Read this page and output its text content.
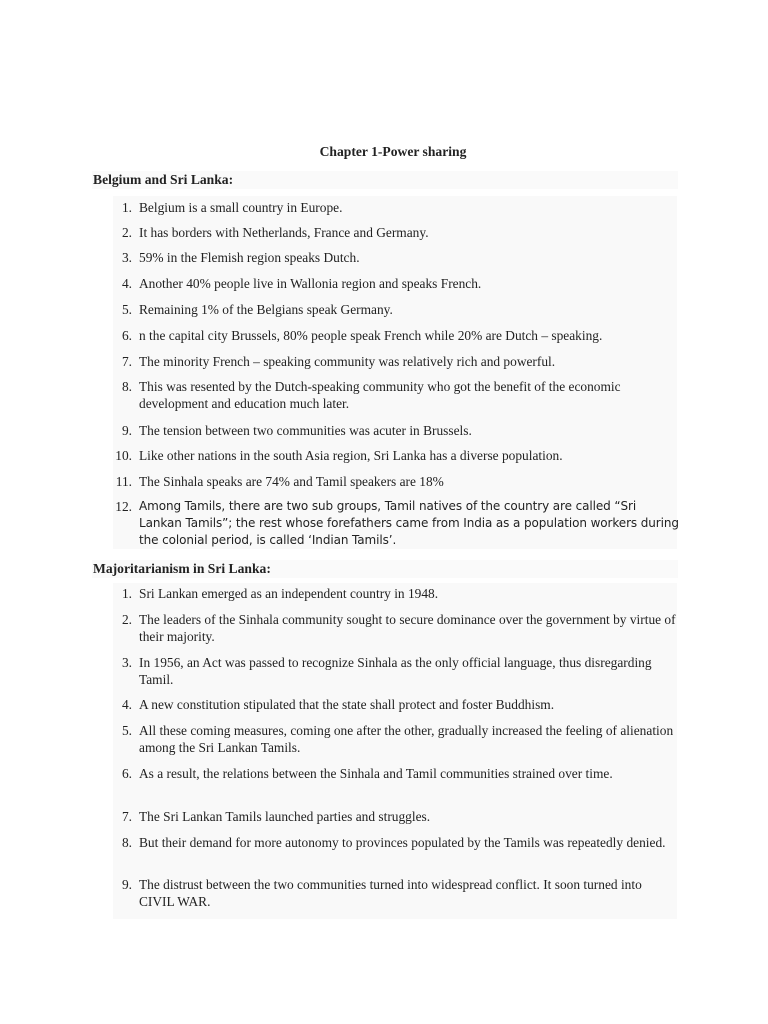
Chapter 1-Power sharing
Belgium and Sri Lanka:
1. Belgium is a small country in Europe.
2. It has borders with Netherlands, France and Germany.
3. 59% in the Flemish region speaks Dutch.
4. Another 40% people live in Wallonia region and speaks French.
5. Remaining 1% of the Belgians speak Germany.
6. n the capital city Brussels, 80% people speak French while 20% are Dutch – speaking.
7. The minority French – speaking community was relatively rich and powerful.
8. This was resented by the Dutch-speaking community who got the benefit of the economic development and education much later.
9. The tension between two communities was acuter in Brussels.
10. Like other nations in the south Asia region, Sri Lanka has a diverse population.
11. The Sinhala speaks are 74% and Tamil speakers are 18%
12. Among Tamils, there are two sub groups, Tamil natives of the country are called “Sri Lankan Tamils”; the rest whose forefathers came from India as a population workers during the colonial period, is called ‘Indian Tamils’.
Majoritarianism in Sri Lanka:
1. Sri Lankan emerged as an independent country in 1948.
2. The leaders of the Sinhala community sought to secure dominance over the government by virtue of their majority.
3. In 1956, an Act was passed to recognize Sinhala as the only official language, thus disregarding Tamil.
4. A new constitution stipulated that the state shall protect and foster Buddhism.
5. All these coming measures, coming one after the other, gradually increased the feeling of alienation among the Sri Lankan Tamils.
6. As a result, the relations between the Sinhala and Tamil communities strained over time.
7. The Sri Lankan Tamils launched parties and struggles.
8. But their demand for more autonomy to provinces populated by the Tamils was repeatedly denied.
9. The distrust between the two communities turned into widespread conflict. It soon turned into CIVIL WAR.
